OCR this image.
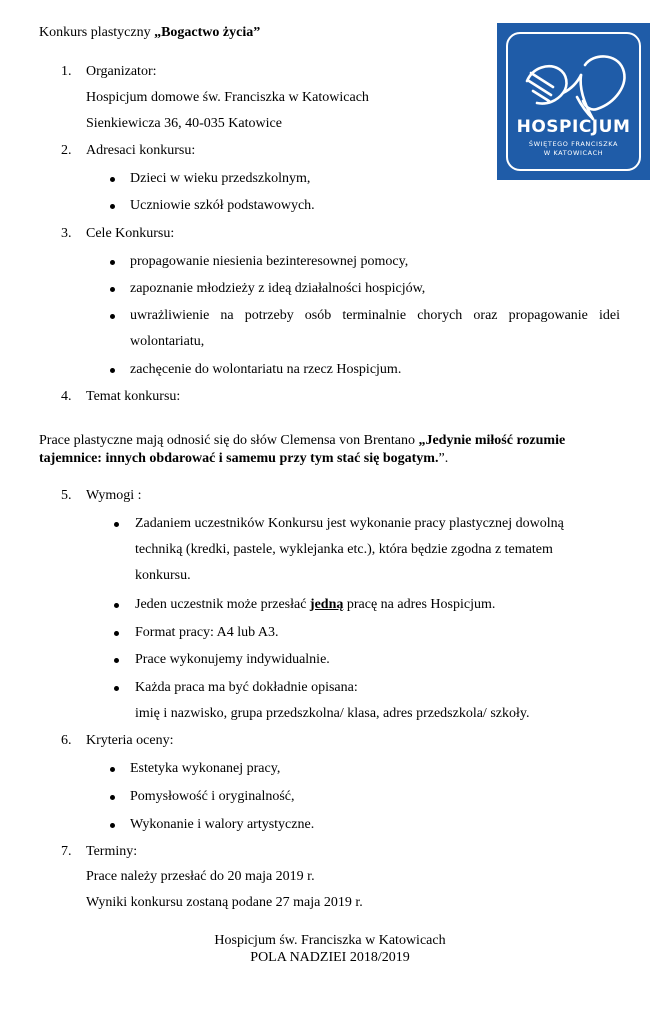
Konkurs plastyczny „Bogactwo życia”
HOSPICJUM
ŚWIĘTEGO FRANCISZKA
W KATOWICACH
1. Organizator:
Hospicjum domowe św. Franciszka w Katowicach
Sienkiewicza 36, 40-035 Katowice
2. Adresaci konkursu:
Dzieci w wieku przedszkolnym,
Uczniowie szkół podstawowych.
3. Cele Konkursu:
propagowanie niesienia bezinteresownej pomocy,
zapoznanie młodzieży z ideą działalności hospicjów,
uwrażliwienie na potrzeby osób terminalnie chorych oraz propagowanie idei
wolontariatu,
zachęcenie do wolontariatu na rzecz Hospicjum.
4. Temat konkursu:
Prace plastyczne mają odnosić się do słów Clemensa von Brentano „Jedynie miłość rozumie
tajemnice: innych obdarować i samemu przy tym stać się bogatym.”.
5. Wymogi :
Zadaniem uczestników Konkursu jest wykonanie pracy plastycznej dowolną
techniką (kredki, pastele, wyklejanka etc.), która będzie zgodna z tematem
konkursu.
Jeden uczestnik może przesłać jedną pracę na adres Hospicjum.
Format pracy: A4 lub A3.
Prace wykonujemy indywidualnie.
Każda praca ma być dokładnie opisana:
imię i nazwisko, grupa przedszkolna/ klasa, adres przedszkola/ szkoły.
6. Kryteria oceny:
Estetyka wykonanej pracy,
Pomysłowość i oryginalność,
Wykonanie i walory artystyczne.
7. Terminy:
Prace należy przesłać do 20 maja 2019 r.
Wyniki konkursu zostaną podane 27 maja 2019 r.
Hospicjum św. Franciszka w Katowicach
POLA NADZIEI 2018/2019
